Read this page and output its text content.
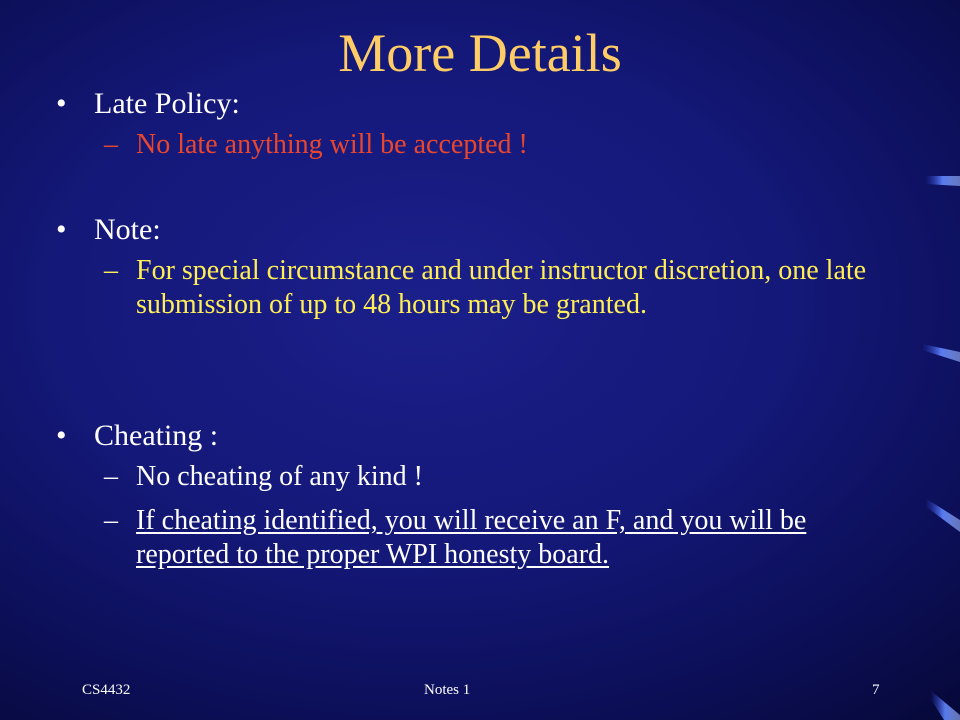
More Details
• Late Policy:
– No late anything will be accepted !
• Note:
– For special circumstance and under instructor discretion, one late submission of up to 48 hours may be granted.
• Cheating :
– No cheating of any kind !
– If cheating identified, you will receive an F, and you will be reported to the proper WPI honesty board.
CS4432	Notes 1	7
